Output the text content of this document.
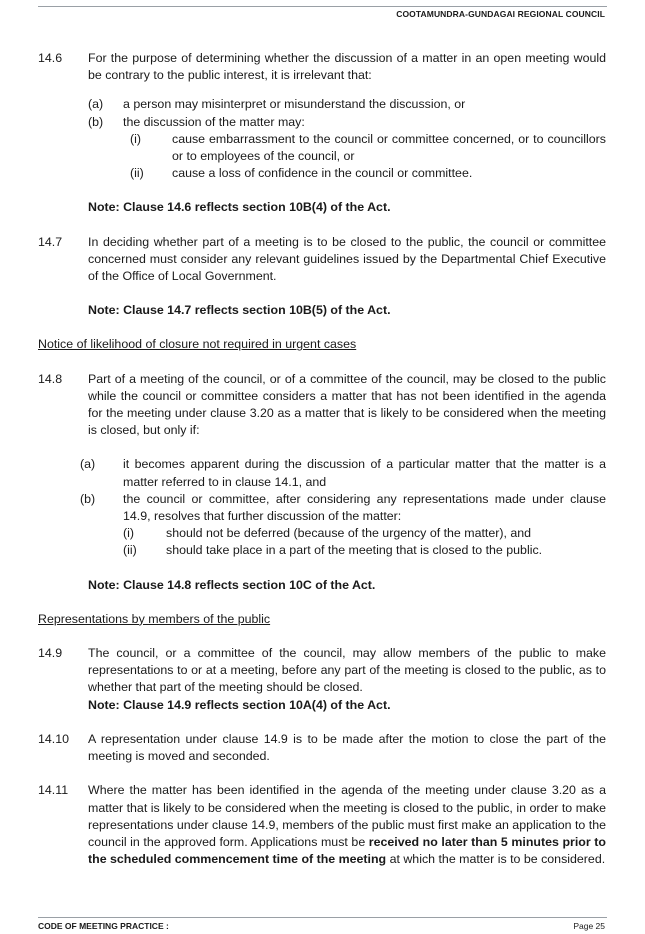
COOTAMUNDRA-GUNDAGAI REGIONAL COUNCIL
14.6	For the purpose of determining whether the discussion of a matter in an open meeting would be contrary to the public interest, it is irrelevant that:

(a)	a person may misinterpret or misunderstand the discussion, or
(b)	the discussion of the matter may:
(i)	cause embarrassment to the council or committee concerned, or to councillors or to employees of the council, or
(ii)	cause a loss of confidence in the council or committee.

Note: Clause 14.6 reflects section 10B(4) of the Act.

14.7	In deciding whether part of a meeting is to be closed to the public, the council or committee concerned must consider any relevant guidelines issued by the Departmental Chief Executive of the Office of Local Government.

Note: Clause 14.7 reflects section 10B(5) of the Act.

Notice of likelihood of closure not required in urgent cases

14.8	Part of a meeting of the council, or of a committee of the council, may be closed to the public while the council or committee considers a matter that has not been identified in the agenda for the meeting under clause 3.20 as a matter that is likely to be considered when the meeting is closed, but only if:

(a)	it becomes apparent during the discussion of a particular matter that the matter is a matter referred to in clause 14.1, and
(b)	the council or committee, after considering any representations made under clause 14.9, resolves that further discussion of the matter:
(i)	should not be deferred (because of the urgency of the matter), and
(ii)	should take place in a part of the meeting that is closed to the public.

Note: Clause 14.8 reflects section 10C of the Act.

Representations by members of the public

14.9	The council, or a committee of the council, may allow members of the public to make representations to or at a meeting, before any part of the meeting is closed to the public, as to whether that part of the meeting should be closed.

Note: Clause 14.9 reflects section 10A(4) of the Act.

14.10	A representation under clause 14.9 is to be made after the motion to close the part of the meeting is moved and seconded.

14.11	Where the matter has been identified in the agenda of the meeting under clause 3.20 as a matter that is likely to be considered when the meeting is closed to the public, in order to make representations under clause 14.9, members of the public must first make an application to the council in the approved form. Applications must be received no later than 5 minutes prior to the scheduled commencement time of the meeting at which the matter is to be considered.

CODE OF MEETING PRACTICE :	Page 25
